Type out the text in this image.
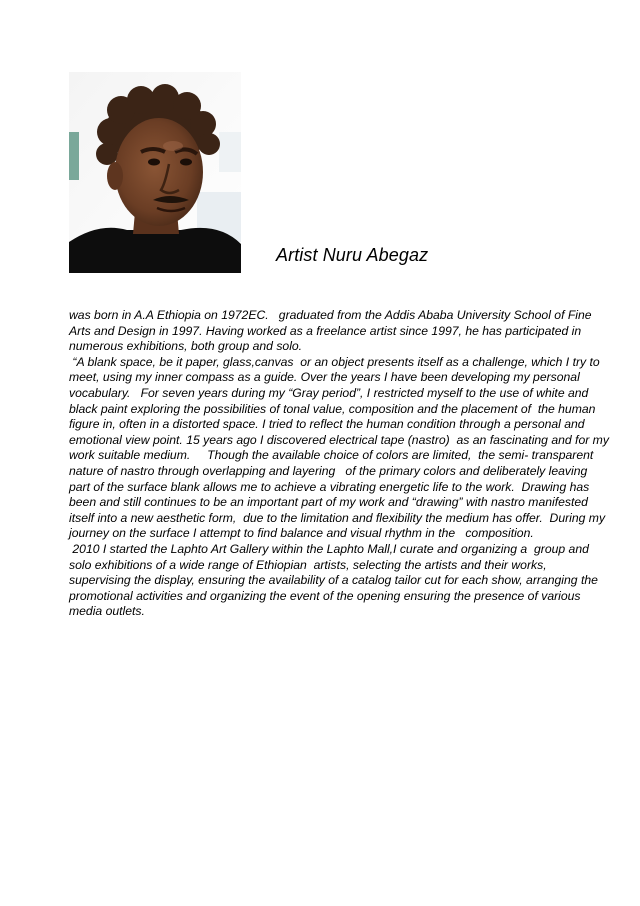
Artist Nuru Abegaz

was born in A.A Ethiopia on 1972EC.   graduated from the Addis Ababa University School of Fine Arts and Design in 1997. Having worked as a freelance artist since 1997, he has participated in numerous exhibitions, both group and solo.

“A blank space, be it paper, glass,canvas  or an object presents itself as a challenge, which I try to meet, using my inner compass as a guide. Over the years I have been developing my personal vocabulary.   For seven years during my “Gray period”, I restricted myself to the use of white and black paint exploring the possibilities of tonal value, composition and the placement of  the human figure in, often in a distorted space. I tried to reflect the human condition through a personal and emotional view point. 15 years ago I discovered electrical tape (nastro)  as an fascinating and for my work suitable medium.     Though the available choice of colors are limited,  the semi- transparent nature of nastro through overlapping and layering   of the primary colors and deliberately leaving part of the surface blank allows me to achieve a vibrating energetic life to the work.  Drawing has been and still continues to be an important part of my work and “drawing” with nastro manifested itself into a new aesthetic form,  due to the limitation and flexibility the medium has offer.  During my journey on the surface I attempt to find balance and visual rhythm in the   composition.

2010 I started the Laphto Art Gallery within the Laphto Mall,I curate and organizing a  group and solo exhibitions of a wide range of Ethiopian  artists, selecting the artists and their works, supervising the display, ensuring the availability of a catalog tailor cut for each show, arranging the promotional activities and organizing the event of the opening ensuring the presence of various media outlets.
